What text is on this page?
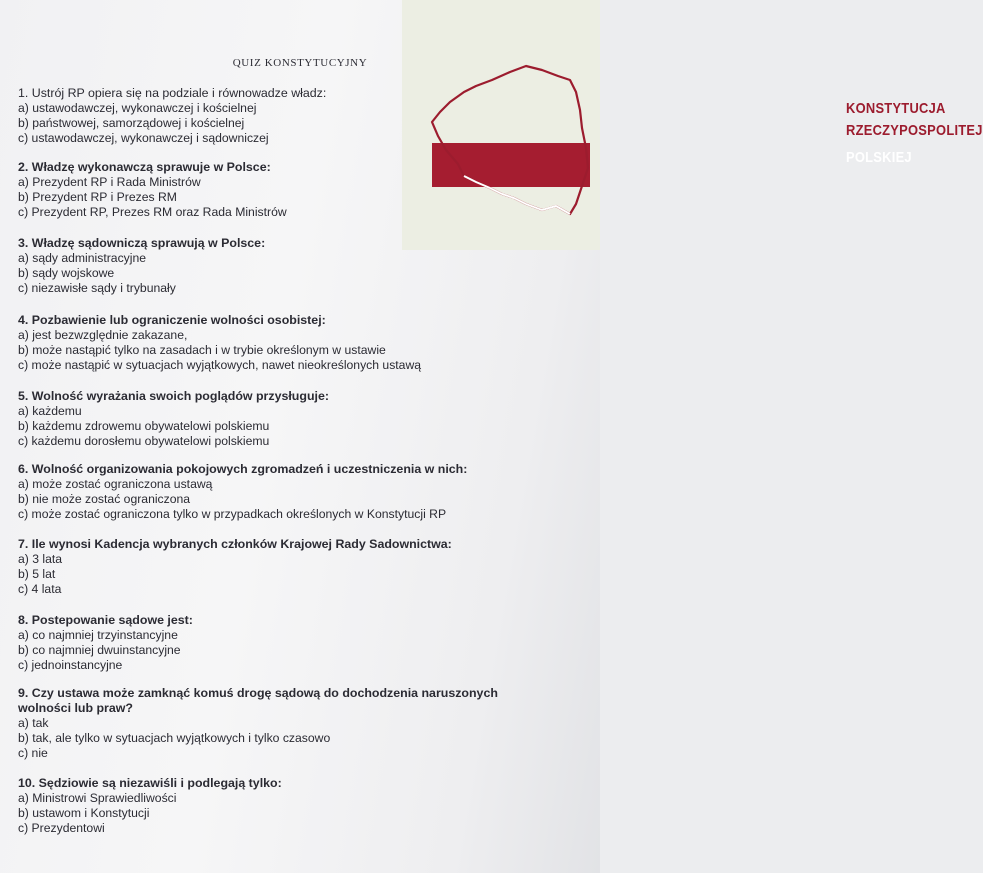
KONSTYTUCJA
RZECZYPOSPOLITEJ
POLSKIEJ
QUIZ KONSTYTUCYJNY

1. Ustrój RP opiera się na podziale i równowadze władz:

a) ustawodawczej, wykonawczej i kościelnej

b) państwowej, samorządowej i kościelnej

c) ustawodawczej, wykonawczej i sądowniczej

2. Władzę wykonawczą sprawuje w Polsce:

a) Prezydent RP i Rada Ministrów

b) Prezydent RP i Prezes RM

c) Prezydent RP, Prezes RM oraz Rada Ministrów

3. Władzę sądowniczą sprawują w Polsce:

a) sądy administracyjne

b) sądy wojskowe

c) niezawisłe sądy i trybunały

4. Pozbawienie lub ograniczenie wolności osobistej:

a) jest bezwzględnie zakazane,

b) może nastąpić tylko na zasadach i w trybie określonym w ustawie

c) może nastąpić w sytuacjach wyjątkowych, nawet nieokreślonych ustawą

5. Wolność wyrażania swoich poglądów przysługuje:

a) każdemu

b) każdemu zdrowemu obywatelowi polskiemu

c) każdemu dorosłemu obywatelowi polskiemu

6. Wolność organizowania pokojowych zgromadzeń i uczestniczenia w nich:

a) może zostać ograniczona ustawą

b) nie może zostać ograniczona

c) może zostać ograniczona tylko w przypadkach określonych w Konstytucji RP

7. Ile wynosi Kadencja wybranych członków Krajowej Rady Sadownictwa:

a) 3 lata

b) 5 lat

c) 4 lata

8. Postepowanie sądowe jest:

a) co najmniej trzyinstancyjne

b) co najmniej dwuinstancyjne

c) jednoinstancyjne

9. Czy ustawa może zamknąć komuś drogę sądową do dochodzenia naruszonych wolności lub praw?

a) tak

b) tak, ale tylko w sytuacjach wyjątkowych i tylko czasowo

c) nie

10. Sędziowie są niezawiśli i podlegają tylko:

a) Ministrowi Sprawiedliwości

b) ustawom i Konstytucji

c) Prezydentowi
